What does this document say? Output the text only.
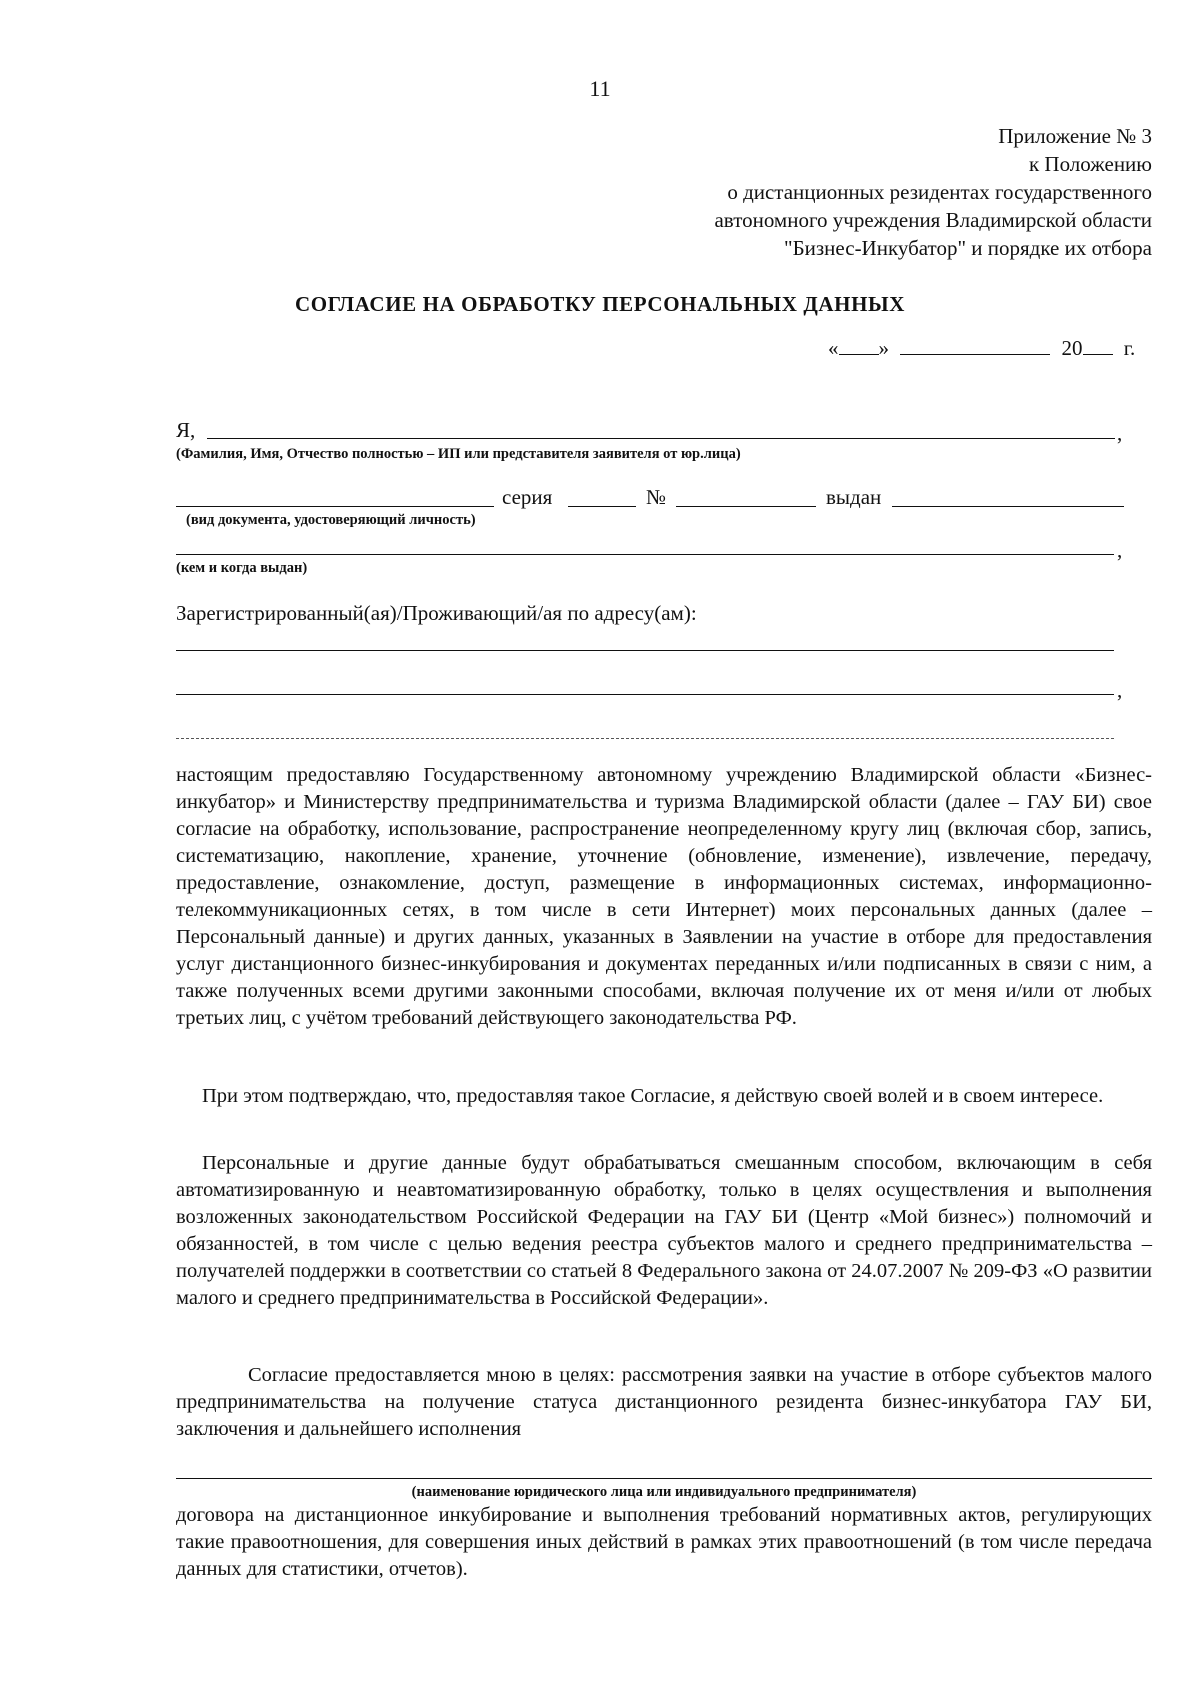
11
Приложение № 3
к Положению
о дистанционных резидентах государственного
автономного учреждения Владимирской области
"Бизнес-Инкубатор" и порядке их отбора
СОГЛАСИЕ НА ОБРАБОТКУ ПЕРСОНАЛЬНЫХ ДАННЫХ
« »	20 г.
Я,	,
(Фамилия, Имя, Отчество полностью – ИП или представителя заявителя от юр.лица)
серия	№	выдан
(вид документа, удостоверяющий личность)
,
(кем и когда выдан)
Зарегистрированный(ая)/Проживающий/ая по адресу(ам):
,
настоящим предоставляю Государственному автономному учреждению Владимирской области «Бизнес-инкубатор» и Министерству предпринимательства и туризма Владимирской области (далее – ГАУ БИ) свое согласие на обработку, использование, распространение неопределенному кругу лиц (включая сбор, запись, систематизацию, накопление, хранение, уточнение (обновление, изменение), извлечение, передачу, предоставление, ознакомление, доступ, размещение в информационных системах, информационно-телекоммуникационных сетях, в том числе в сети Интернет) моих персональных данных (далее – Персональный данные) и других данных, указанных в Заявлении на участие в отборе для предоставления услуг дистанционного бизнес-инкубирования и документах переданных и/или подписанных в связи с ним, а также полученных всеми другими законными способами, включая получение их от меня и/или от любых третьих лиц, с учётом требований действующего законодательства РФ.
При этом подтверждаю, что, предоставляя такое Согласие, я действую своей волей и в своем интересе.
Персональные и другие данные будут обрабатываться смешанным способом, включающим в себя автоматизированную и неавтоматизированную обработку, только в целях осуществления и выполнения возложенных законодательством Российской Федерации на ГАУ БИ (Центр «Мой бизнес») полномочий и обязанностей, в том числе с целью ведения реестра субъектов малого и среднего предпринимательства – получателей поддержки в соответствии со статьей 8 Федерального закона от 24.07.2007 № 209-ФЗ «О развитии малого и среднего предпринимательства в Российской Федерации».
Согласие предоставляется мною в целях: рассмотрения заявки на участие в отборе субъектов малого предпринимательства на получение статуса дистанционного резидента бизнес-инкубатора ГАУ БИ, заключения и дальнейшего исполнения
(наименование юридического лица или индивидуального предпринимателя)
договора на дистанционное инкубирование и выполнения требований нормативных актов, регулирующих такие правоотношения, для совершения иных действий в рамках этих правоотношений (в том числе передача данных для статистики, отчетов).
